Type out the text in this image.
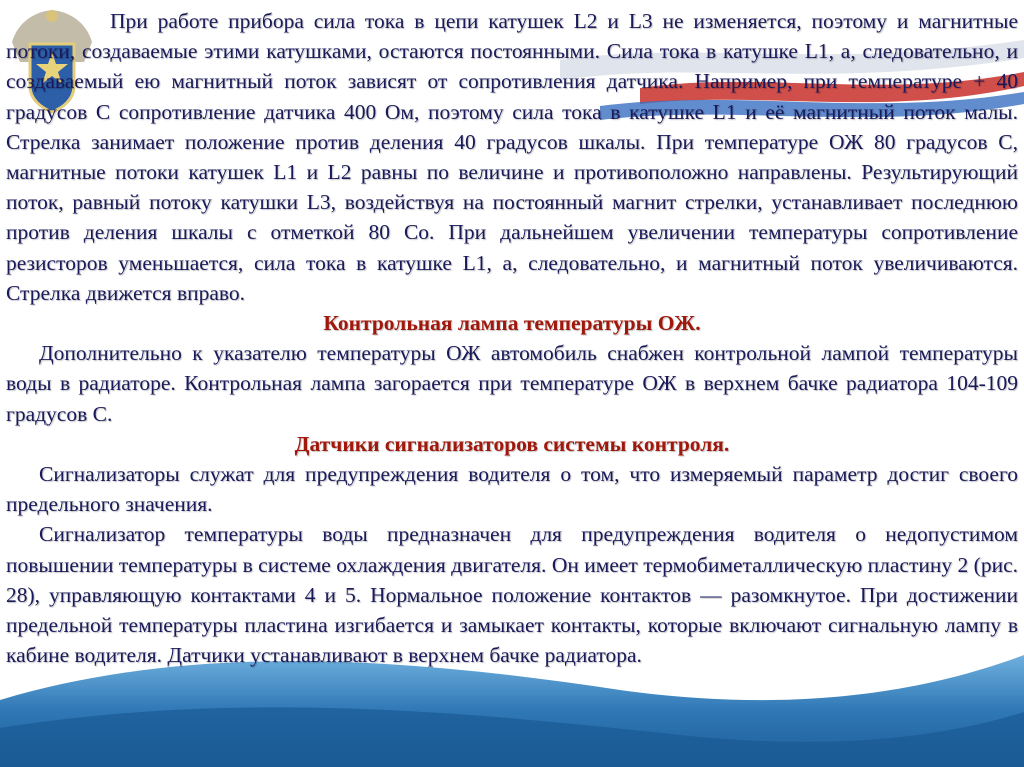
При работе прибора сила тока в цепи катушек L2 и L3 не изменяется, поэтому и магнитные потоки, создаваемые этими катушками, остаются постоянными. Сила тока в катушке L1, а, следовательно, и создаваемый ею магнитный поток зависят от сопротивления датчика. Например, при температуре + 40 градусов С сопротивление датчика 400 Ом, поэтому сила тока в катушке L1 и её магнитный поток малы. Стрелка занимает положение против деления 40 градусов шкалы. При температуре ОЖ 80 градусов С, магнитные потоки катушек L1 и L2 равны по величине и противоположно направлены. Результирующий поток, равный потоку катушки L3, воздействуя на постоянный магнит стрелки, устанавливает последнюю против деления шкалы с отметкой 80 Со. При дальнейшем увеличении температуры сопротивление резисторов уменьшается, сила тока в катушке L1, а, следовательно, и магнитный поток увеличиваются. Стрелка движется вправо.

Контрольная лампа температуры ОЖ.

Дополнительно к указателю температуры ОЖ автомобиль снабжен контрольной лампой температуры воды в радиаторе. Контрольная лампа загорается при температуре ОЖ в верхнем бачке радиатора 104-109 градусов С.

Датчики сигнализаторов системы контроля.

Сигнализаторы служат для предупреждения водителя о том, что измеряемый параметр достиг своего предельного значения.

Сигнализатор температуры воды предназначен для предупреждения водителя о недопустимом повышении температуры в системе охлаждения двигателя. Он имеет термобиметаллическую пластину 2 (рис. 28), управляющую контактами 4 и 5. Нормальное положение контактов — разомкнутое. При достижении предельной температуры пластина изгибается и замыкает контакты, которые включают сигнальную лампу в кабине водителя. Датчики устанавливают в верхнем бачке радиатора.
